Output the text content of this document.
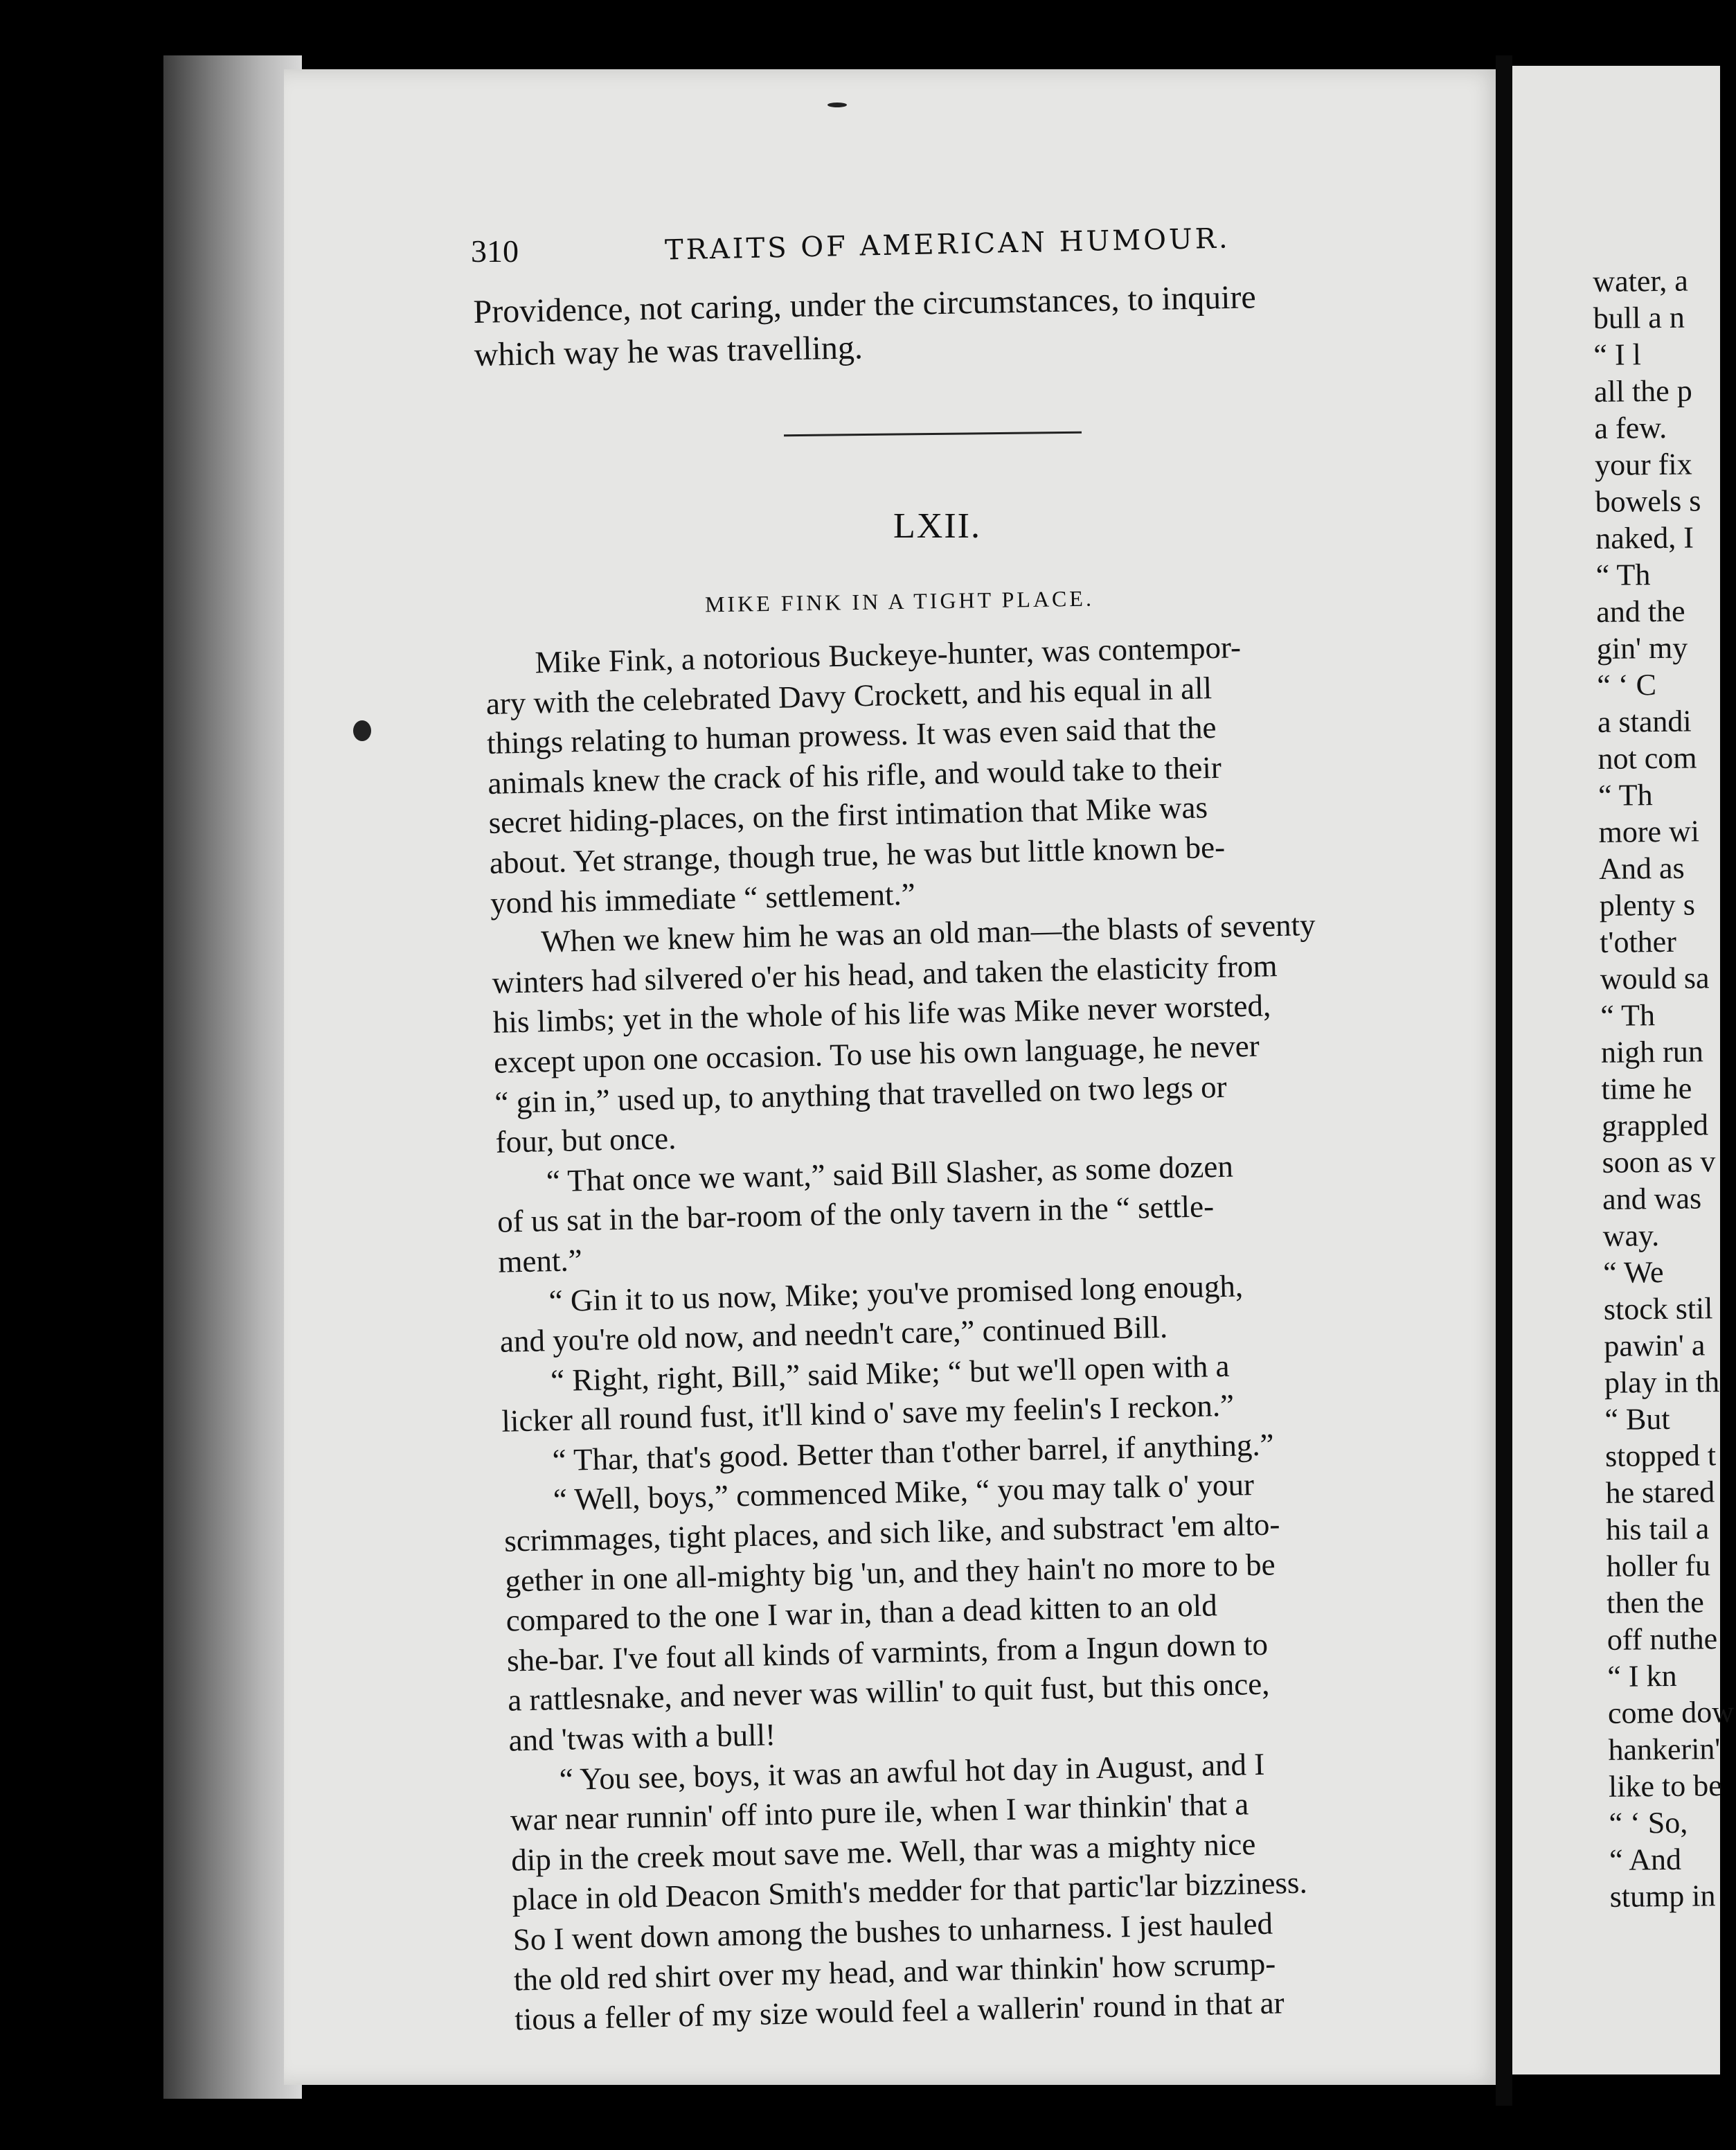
310	TRAITS OF AMERICAN HUMOUR.
Providence, not caring, under the circumstances, to inquire
which way he was travelling.
LXII.
MIKE FINK IN A TIGHT PLACE.
Mike Fink, a notorious Buckeye-hunter, was contempor-
ary with the celebrated Davy Crockett, and his equal in all
things relating to human prowess. It was even said that the
animals knew the crack of his rifle, and would take to their
secret hiding-places, on the first intimation that Mike was
about. Yet strange, though true, he was but little known be-
yond his immediate “ settlement.”
When we knew him he was an old man—the blasts of seventy
winters had silvered o'er his head, and taken the elasticity from
his limbs; yet in the whole of his life was Mike never worsted,
except upon one occasion. To use his own language, he never
“ gin in,” used up, to anything that travelled on two legs or
four, but once.
“ That once we want,” said Bill Slasher, as some dozen
of us sat in the bar-room of the only tavern in the “ settle-
ment.”
“ Gin it to us now, Mike; you've promised long enough,
and you're old now, and needn't care,” continued Bill.
“ Right, right, Bill,” said Mike; “ but we'll open with a
licker all round fust, it'll kind o' save my feelin's I reckon.”
“ Thar, that's good. Better than t'other barrel, if anything.”
“ Well, boys,” commenced Mike, “ you may talk o' your
scrimmages, tight places, and sich like, and substract 'em alto-
gether in one all-mighty big 'un, and they hain't no more to be
compared to the one I war in, than a dead kitten to an old
she-bar. I've fout all kinds of varmints, from a Ingun down to
a rattlesnake, and never was willin' to quit fust, but this once,
and 'twas with a bull!
“ You see, boys, it was an awful hot day in August, and I
war near runnin' off into pure ile, when I war thinkin' that a
dip in the creek mout save me. Well, thar was a mighty nice
place in old Deacon Smith's medder for that partic'lar bizziness.
So I went down among the bushes to unharness. I jest hauled
the old red shirt over my head, and war thinkin' how scrump-
tious a feller of my size would feel a wallerin' round in that ar
water, a
bull a n
“ I l
all the p
a few.
your fix
bowels s
naked, I
“ Th
and the
gin' my
“ ‘ C
a standi
not com
“ Th
more wi
And as
plenty s
t'other
would sa
“ Th
nigh run
time he
grappled
soon as v
and was
way.
“ We
stock stil
pawin' a
play in th
“ But
stopped t
he stared
his tail a
holler fu
then the
off nuthe
“ I kn
come dow
hankerin'
like to be
“ ‘ So,
“ And
stump in
